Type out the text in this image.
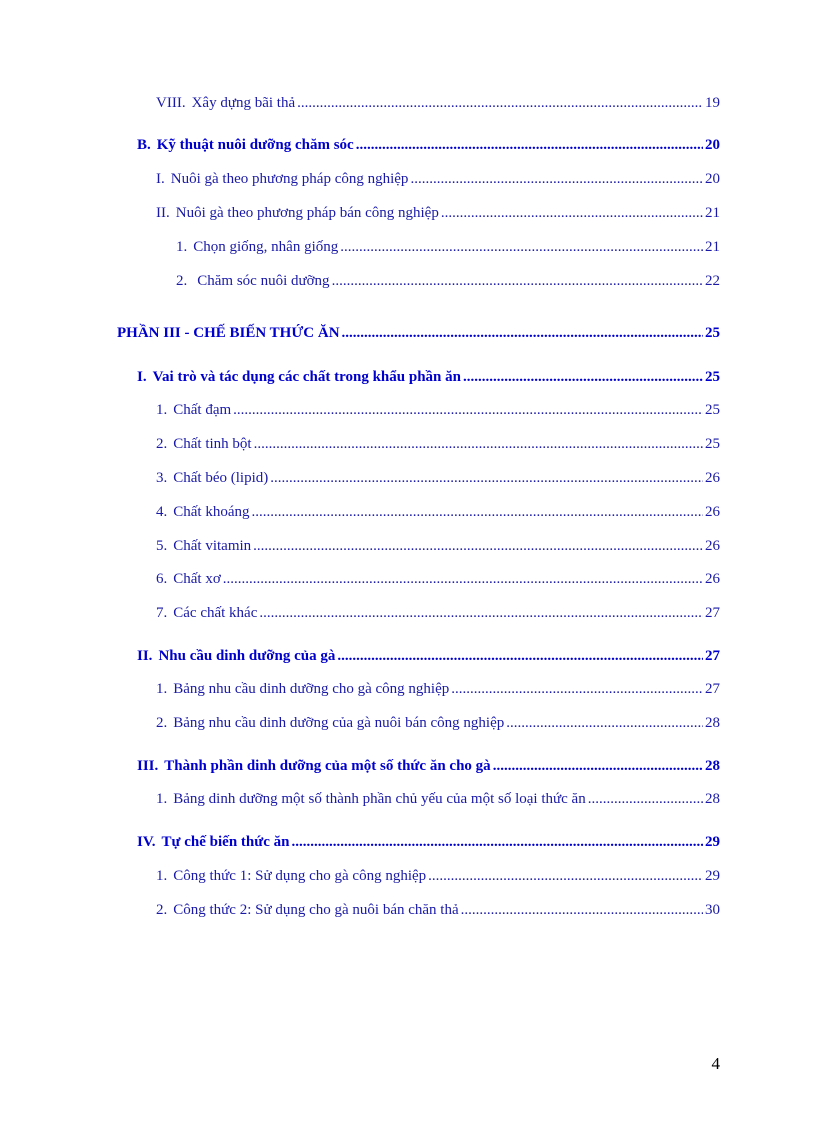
VIII. Xây dựng bãi thả .....	19
B. Kỹ thuật nuôi dưỡng chăm sóc .....	20
I. Nuôi gà theo phương pháp công nghiệp .....	20
II. Nuôi gà theo phương pháp bán công nghiệp .....	21
1. Chọn giống, nhân giống .....	21
2. Chăm sóc nuôi dưỡng .....	22
PHẦN III - CHẾ BIẾN THỨC ĂN .....	25
I. Vai trò và tác dụng các chất trong khẩu phần ăn .....	25
1. Chất đạm .....	25
2. Chất tinh bột .....	25
3. Chất béo (lipid) .....	26
4. Chất khoáng .....	26
5. Chất vitamin .....	26
6. Chất xơ .....	26
7. Các chất khác .....	27
II. Nhu cầu dinh dưỡng của gà .....	27
1. Bảng nhu cầu dinh dưỡng cho gà công nghiệp .....	27
2. Bảng nhu cầu dinh dưỡng của gà nuôi bán công nghiệp .....	28
III. Thành phần dinh dưỡng của một số thức ăn cho gà .....	28
1. Bảng dinh dưỡng một số thành phần chủ yếu của một số loại thức ăn .....	28
IV. Tự chế biến thức ăn .....	29
1. Công thức 1: Sử dụng cho gà công nghiệp .....	29
2. Công thức 2: Sử dụng cho gà nuôi bán chăn thả .....	30
4
